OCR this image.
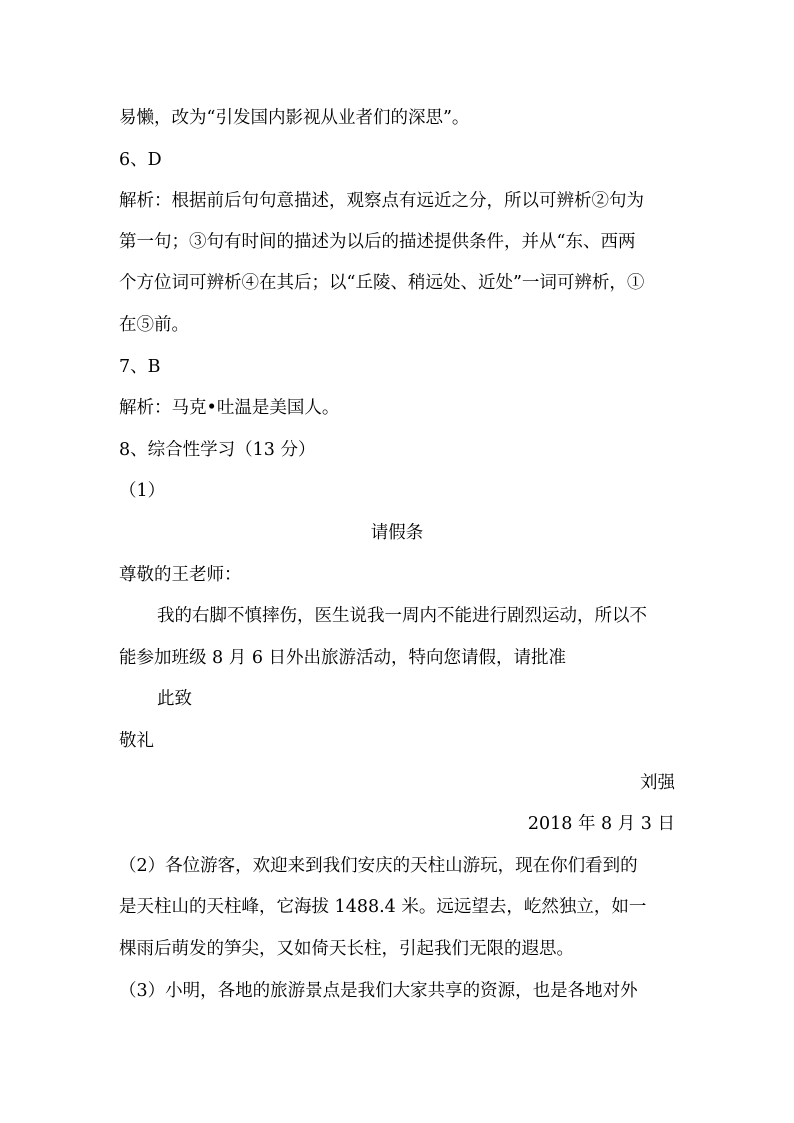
易懒，改为“引发国内影视从业者们的深思”。
6、D
解析：根据前后句句意描述，观察点有远近之分，所以可辨析②句为
第一句；③句有时间的描述为以后的描述提供条件，并从“东、西两
个方位词可辨析④在其后；以“丘陵、稍远处、近处”一词可辨析，①
在⑤前。
7、B
解析：马克•吐温是美国人。
8、综合性学习（13 分）
（1）
请假条
尊敬的王老师：
我的右脚不慎摔伤，医生说我一周内不能进行剧烈运动，所以不
能参加班级 8 月 6 日外出旅游活动，特向您请假，请批准
此致
敬礼
刘强
2018 年 8 月 3 日
（2）各位游客，欢迎来到我们安庆的天柱山游玩，现在你们看到的
是天柱山的天柱峰，它海拔 1488.4 米。远远望去，屹然独立，如一
棵雨后萌发的笋尖，又如倚天长柱，引起我们无限的遐思。
（3）小明，各地的旅游景点是我们大家共享的资源，也是各地对外
